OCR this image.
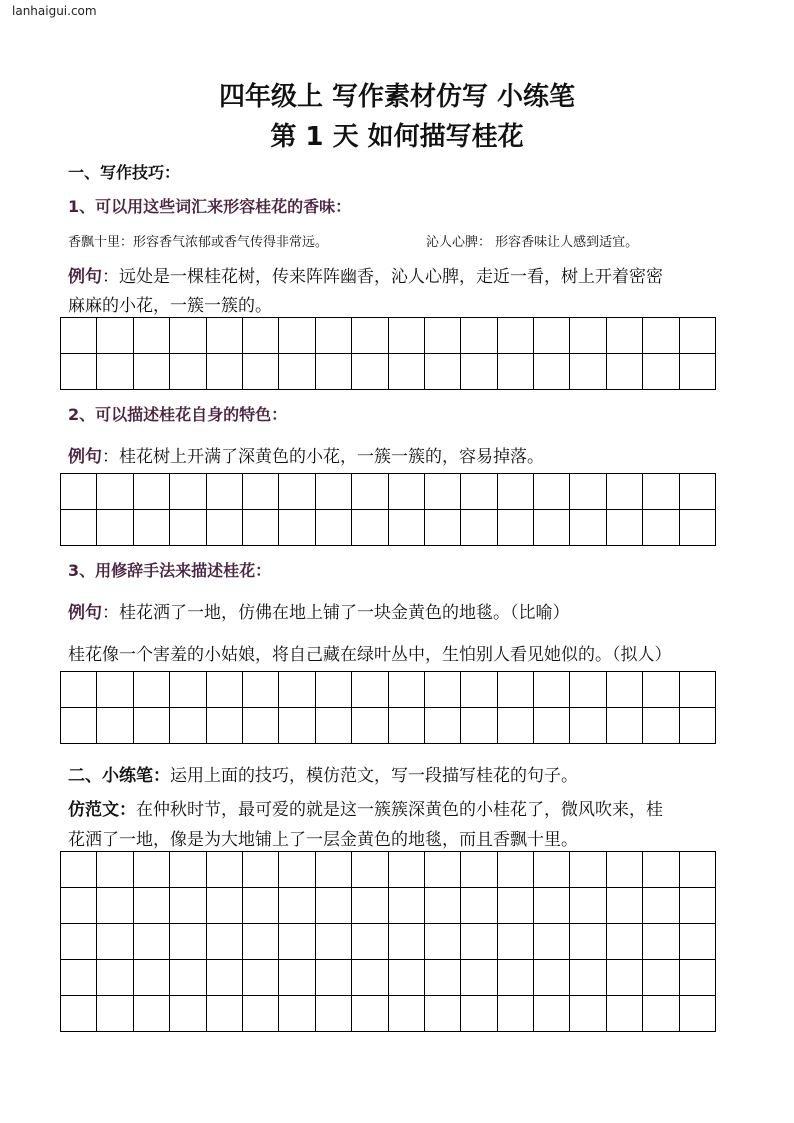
lanhaigui.com
四年级上 写作素材仿写 小练笔
第 1 天 如何描写桂花
一、写作技巧：
1、可以用这些词汇来形容桂花的香味：
香飘十里：形容香气浓郁或香气传得非常远。	沁人心脾： 形容香味让人感到适宜。
例句：远处是一棵桂花树，传来阵阵幽香，沁人心脾，走近一看，树上开着密密
麻麻的小花，一簇一簇的。
2、可以描述桂花自身的特色：
例句：桂花树上开满了深黄色的小花，一簇一簇的，容易掉落。
3、用修辞手法来描述桂花：
例句：桂花洒了一地，仿佛在地上铺了一块金黄色的地毯。（比喻）
桂花像一个害羞的小姑娘，将自己藏在绿叶丛中，生怕别人看见她似的。（拟人）
二、小练笔：运用上面的技巧，模仿范文，写一段描写桂花的句子。
仿范文：在仲秋时节，最可爱的就是这一簇簇深黄色的小桂花了，微风吹来，桂
花洒了一地，像是为大地铺上了一层金黄色的地毯，而且香飘十里。
